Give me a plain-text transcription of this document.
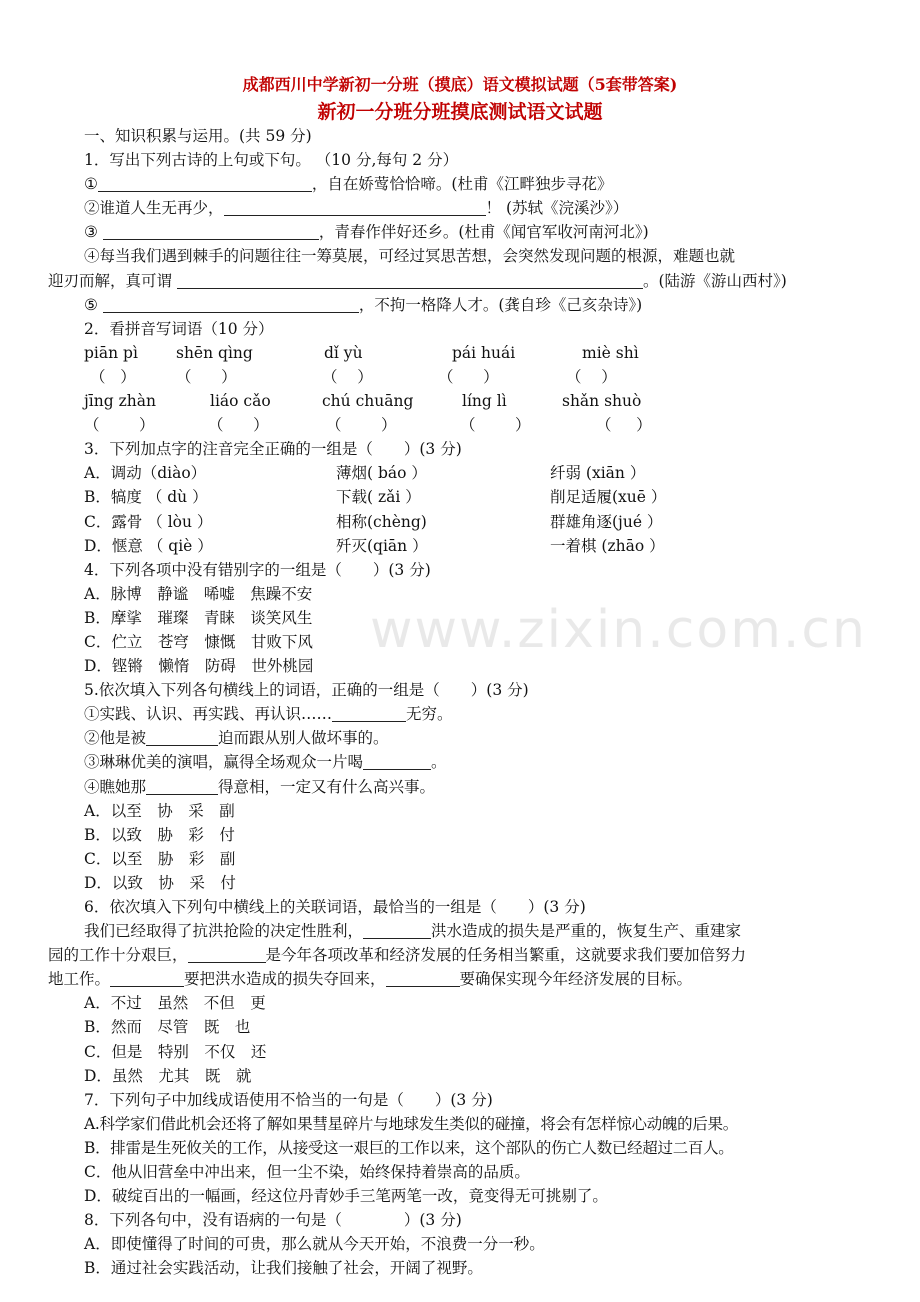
成都西川中学新初一分班（摸底）语文模拟试题（5套带答案)
新初一分班分班摸底测试语文试题
www.zixin.com.cn
一、知识积累与运用。(共 59 分)
1．写出下列古诗的上句或下句。 （10 分,每句 2 分）
①	，自在娇莺恰恰啼。(杜甫《江畔独步寻花》
②谁道人生无再少，	！ (苏轼《浣溪沙》）
③	，青春作伴好还乡。(杜甫《闻官军收河南河北》)
④每当我们遇到棘手的问题往往一筹莫展，可经过冥思苦想，会突然发现问题的根源，难题也就
迎刃而解，真可谓	。(陆游《游山西村》)
⑤	，不拘一格降人才。(龚自珍《己亥杂诗》)
2．看拼音写词语（10 分）
piān pì	shēn qìng	dǐ yù	pái huái	miè shì
（ ）	（ ）	（ ）	（ ）	（ ）
jīng zhàn	liáo cǎo	chú chuāng	líng lì	shǎn shuò
（	）	（ ）	（	）	（	）	（ ）
3．下列加点字的注音完全正确的一组是（　　）(3 分)
A．调动（diào）	薄烟( báo ）	纤弱 (xiān ）
B．犒度 （ dù ）	下载( zǎi ）	削足适履(xuē ）
C．露骨 （ lòu ）	相称(chèng)	群雄角逐(jué ）
D．惬意 （ qiè ）	歼灭(qiān ）	一着棋 (zhāo ）
4．下列各项中没有错别字的一组是（　　）(3 分)
A．脉博　静谧　唏嘘　焦躁不安
B．摩挲　璀璨　青睐　谈笑风生
C．伫立　苍穹　慷慨　甘败下风
D．铿锵　懒惰　防碍　世外桃园
5.依次填入下列各句横线上的词语，正确的一组是（　　）(3 分)
①实践、认识、再实践、再认识……	无穷。
②他是被	迫而跟从别人做坏事的。
③琳琳优美的演唱，赢得全场观众一片喝	。
④瞧她那	得意相，一定又有什么高兴事。
A．以至　协　采　副
B．以致　胁　彩　付
C．以至　胁　彩　副
D．以致　协　采　付
6．依次填入下列句中横线上的关联词语，最恰当的一组是（　　）(3 分)
我们已经取得了抗洪抢险的决定性胜利，	洪水造成的损失是严重的，恢复生产、重建家
园的工作十分艰巨，	是今年各项改革和经济发展的任务相当繁重，这就要求我们要加倍努力
地工作。	要把洪水造成的损失夺回来，	要确保实现今年经济发展的目标。
A．不过　虽然　不但　更
B．然而　尽管　既　也
C．但是　特别　不仅　还
D．虽然　尤其　既　就
7．下列句子中加线成语使用不恰当的一句是（　　）(3 分)
A.科学家们借此机会还将了解如果彗星碎片与地球发生类似的碰撞，将会有怎样惊心动魄的后果。
B．排雷是生死攸关的工作，从接受这一艰巨的工作以来，这个部队的伤亡人数已经超过二百人。
C．他从旧营垒中冲出来，但一尘不染，始终保持着崇高的品质。
D．破绽百出的一幅画，经这位丹青妙手三笔两笔一改，竟变得无可挑剔了。
8．下列各句中，没有语病的一句是（　　　　）(3 分)
A．即使懂得了时间的可贵，那么就从今天开始，不浪费一分一秒。
B．通过社会实践活动，让我们接触了社会，开阔了视野。
